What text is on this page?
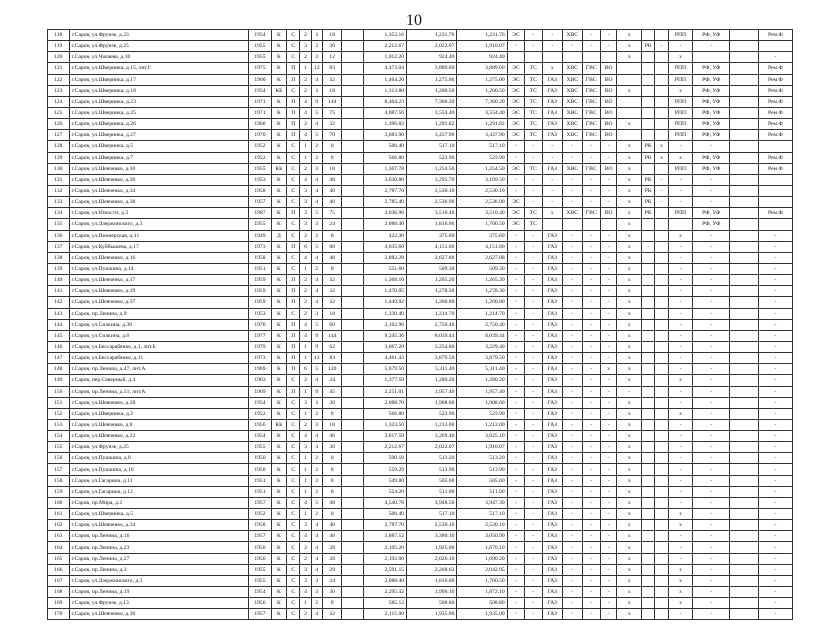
10
118	г.Саров, ул.Фрунзе, д.23	1954	К	С	2	3	18		1,353.16	1,231.76	1,231.76	ЭС	-	-	ХВС	-	-	х			РПП	РФ, УФ		Рем.Ф
119	г.Саров, ул.Фрунзе, д.25	1955	К	С	3	3	30		2,212.67	2,022.07	1,910.07	-	-	-	-	-	-	х	РК	-	-	-		
120	г.Саров, ул.Чапаева, д.10	1955	К	С	2	2	12		1,012.20	924.40	924.40							х			х			-
121	г.Саров, ул.Шверника, д.15, лит.Г	1975	К	П	1	12	83		4,473.04	3,889.60	3,889.60	ЭС	ТС	х	ХВС	ГВС	ВО				РПП	РФ, УФ		Рем.Ф
122	г.Саров, ул.Шверника, д.17	1960	К	П	2	4	32		1,464.20	1,275.00	1,275.00	ЭС	ТС	ГАЗ	ХВС	ГВС	ВО				РПП	РФ, УФ		Рем.Ф
123	г.Саров, ул.Шверника, д.18	1954	КБ	С	2	3	18		1,313.80	1,200.50	1,200.50	ЭС	ТС	ГАЗ	ХВС	ГВС	ВО	х			х	РФ, УФ		Рем.Ф
124	г.Саров, ул.Шверника, д.23	1971	К	П	4	9	144		8,464.23	7,360.20	7,360.20	ЭС	ТС	ГАЗ	ХВС	ГВС	ВО				РПП	РФ, УФ		Рем.Ф
125	г.Саров, ул.Шверника, д.25	1971	К	П	4	5	75		4,087.56	3,554.40	3,554.40	ЭС	ТС	ГАЗ	ХВС	ГВС	ВО				РПП	РФ, УФ		Рем.Ф
126	г.Саров, ул.Шверника, д.26	1960	К	П	2	4	32		1,396.82	1,291.82	1,291.82	ЭС	ТС	ГАЗ	ХВС	ГВС	ВО	х			РПП	РФ, УФ		Рем.Ф
127	г.Саров, ул.Шверника, д.27	1970	К	П	4	5	70		3,683.90	3,437.90	3,437.90	ЭС	ТС	ГАЗ	ХВС	ГВС	ВО				РПП	РФ, УФ		Рем.Ф
128	г.Саров, ул.Шверника, д.5	1952	К	С	1	2	8		566.40	517.10	517.10	-	-	-	-	-	-	х	РК	х	-	-		
129	г.Саров, ул.Шверника, д.7	1952	К	С	1	2	8		566.80	523.90	523.90	-	-	-	-	-	-	х	РК	х	х	РФ, УФ		Рем.Ф
130	г.Саров, ул.Шевченко, д.10	1955	КБ	С	2	3	18		1,367.78	1,254.50	1,254.50	ЭС	ТС	ГАЗ	ХВС	ГВС	ВО	х			РПП	РФ, УФ		Рем.Ф
131	г.Саров, ул.Шевченко, д.30	1953	К	С	4	4	48		3,630.80	3,295.70	3,169.50	-	-	-	-	-	-	х	РК	-	-	-		
132	г.Саров, ул.Шевченко, д.34	1958	К	С	3	4	40		2,787.70	2,530.10	2,530.10	-	-	-	-	-	-	х	РК	-	-	-		
133	г.Саров, ул.Шевченко, д.38	1957	К	С	3	4	40		2,785.40	2,536.90	2,536.90	ЭС	-	-	-	-	-	х	РК	-	-	-		
134	г.Саров, ул.Юности, д.3	1987	К	П	3	5	75		4,036.96	3,510.40	3,510.40	ЭС	ТС	х	ХВС	ГВС	ВО	х	РК		РПП	РФ, УФ		Рем.Ф
135	г.Саров, ул.Дзержинского, д.3	1955	К	С	3	3	24		2,088.40	1,816.00	1,700.50	ЭС	ТС					х				РФ, УФ		
136	г.Саров, ул.Пионерская, д.11	1949	Д	С	2	2	8		422.30	375.60	375.60	-	-	ГАЗ	-	-	-	х			х	-		-
137	г.Саров, ул.Куйбышева, д.17	1973	К	П	6	5	80		4,635.60	4,151.60	4,151.60	-	-	ГАЗ	-	-	-	х	-		-	-		-
138	г.Саров, ул.Шевченко, д.16	1958	К	С	4	4	48		2,882.28	2,627.88	2,627.88	-	-	ГАЗ	-	-	-	х			-	-		-
139	г.Саров, ул.Пушкина, д.14	1951	К	С	1	2	8		551.60	509.30	509.30	-	-	ГАЗ	-	-	-	х			-	-		-
140	г.Саров, ул.Шевченко, д.17	1959	К	П	2	4	32		1,368.10	1,265.20	1,265.20	-	-	ГАЗ	-	-	-	х			-	-		-
141	г.Саров, ул.Шевченко, д.19	1959	К	П	2	4	32		1,470.05	1,278.30	1,278.30	-	-	ГАЗ	-	-	-	х			-	-		-
142	г.Саров, ул.Шевченко, д.37	1959	К	П	2	4	32		1,449.92	1,260.80	1,260.80	-	-	ГАЗ	-	-	-	х			-	-		-
143	г.Саров, пр.Ленина, д.9	1953	К	С	2	3	18		1,330.40	1,214.70	1,214.70	-	-	ГАЗ	-	-	-	х			-	-		-
144	г.Саров, ул.Силкина, д.38	1976	К	П	4	5	60		3,162.96	2,750.40	2,750.40	-	-	ГАЗ	-	-	-	х			-	-		-
145	г.Саров, ул.Силкина, д.6	1977	К	П	4	9	144		9,245.36	8,039.44	8,039.44	-	-	ГАЗ	-	-	-	х			-	-		-
146	г.Саров, ул.Бессарабенко, д.1, лит.Б	1979	К	П	1	9	62		3,667.20	3,254.80	3,229.40	-	-	ГАЗ	-	-	-	х			-	-		-
147	г.Саров, ул.Бессарабенко, д.11	1973	К	П	1	12	83		4,461.43	3,879.50	3,879.50	-	-	ГАЗ	-	-	-	х			-	-		-
148	г.Саров, пр.Ленина, д.47, лит.А	1969	К	П	6	5	120		5,679.50	5,311.40	5,311.40	-	-	ГАЗ	-	-	х	х			-	-		-
149	г.Саров, пер.Северный, д.4	1963	К	С	2	4	24		1,377.50	1,280.20	1,280.20	-	-	ГАЗ	-	-	-	х			х	-		-
150	г.Саров, пр.Ленина, д.51, лит.А	1969	К	П	1	9	45		2,251.01	1,957.40	1,957.40	-	-	ГАЗ	-	-	-	-			-	-		-
151	г.Саров, ул.Шевченко, д.28	1954	К	С	3	3	30		2,088.70	1,908.60	1,908.60	-	-	ГАЗ	-	-	-	х			-	-		-
152	г.Саров, ул.Шверника, д.2	1952	К	С	1	2	8		566.80	523.90	523.90	-	-	ГАЗ	-	-	-	х			х	-		-
153	г.Саров, ул.Шевченко, д.8	1956	КБ	С	2	3	18		1,323.50	1,213.00	1,213.00	-	-	ГАЗ	-	-	-	х			-	-		-
154	г.Саров, ул.Шевченко, д.22	1954	К	С	4	4	46		3,617.50	3,269.40	3,025.10	-	-	ГАЗ	-	-	-	х			-	-		-
155	г.Саров, ул.Фрунзе, д.25	1955	К	С	3	3	30		2,212.67	2,022.07	1,910.07	-	-	ГАЗ	-	-	-	х			-	-		-
156	г.Саров, ул.Пушкина, д.8	1950	К	С	1	2	8		590.18	513.20	513.20	-	-	ГАЗ	-	-	-	х			-	-		-
157	г.Саров, ул.Пушкина, д.10	1950	К	С	1	2	8		559.29	513.90	513.90	-	-	ГАЗ	-	-	-	х			-	-		-
158	г.Саров, ул.Гагарина, д.11	1951	К	С	1	2	8		549.80	505.60	505.60	-	-	ГАЗ	-	-	-	х			-	-		-
159	г.Саров, ул.Гагарина, д.12	1951	К	С	1	2	8		554.20	511.00	511.00	-	-	ГАЗ	-	-	-	х			-	-		-
160	г.Саров, пр.Мира, д.2	1957	К	С	4	5	48		4,540.78	3,948.50	3,947.30	-	-	ГАЗ	-	-	-	х			-	-		-
161	г.Саров, ул.Шверника, д.5	1952	К	С	1	2	8		566.40	517.10	517.10	-	-	ГАЗ	-	-	-	х			х	-		-
162	г.Саров, ул.Шевченко, д.34	1958	К	С	3	4	40		2,787.70	2,530.10	2,530.10	-	-	ГАЗ	-	-	-	х			х	-		-
163	г.Саров, пр.Ленина, д.16	1957	К	С	4	4	46		3,887.12	3,380.10	3,050.90	-	-	ГАЗ	-	-	-	х			-	-		-
164	г.Саров, пр.Ленина, д.23	1956	К	С	2	4	28		2,105.20	1,925.00	1,670.10	-	-	ГАЗ	-	-	-	х			-	-		-
165	г.Саров, пр.Ленина, д.27	1956	К	С	2	4	28		2,192.00	2,026.10	1,690.20	-	-	ГАЗ	-	-	-	х			-	-		-
166	г.Саров, пр.Ленина, д.3	1955	К	С	3	4	29		2,591.15	2,268.63	2,042.95	-	-	ГАЗ	-	-	-	х			х	-		-
167	г.Саров, ул.Дзержинского, д.3	1955	К	С	3	3	24		2,088.40	1,816.00	1,700.50	-	-	ГАЗ	-	-	-	х			х	-		-
168	г.Саров, пр.Ленина, д.19	1954	К	С	4	3	30		2,295.32	1,996.10	1,872.10	-	-	ГАЗ	-	-	-	х			х	-		-
169	г.Саров, ул.Фрунзе, д.13	1956	К	С	1	2	8		585.12	508.80	508.80	-	-	ГАЗ	-	-	-	х			х	-		-
170	г.Саров, ул.Шевченко, д.36	1957	К	С	2	4	32		2,115.90	1,935.00	1,935.00	-	-	ГАЗ	-	-	-	х			-	-		-
